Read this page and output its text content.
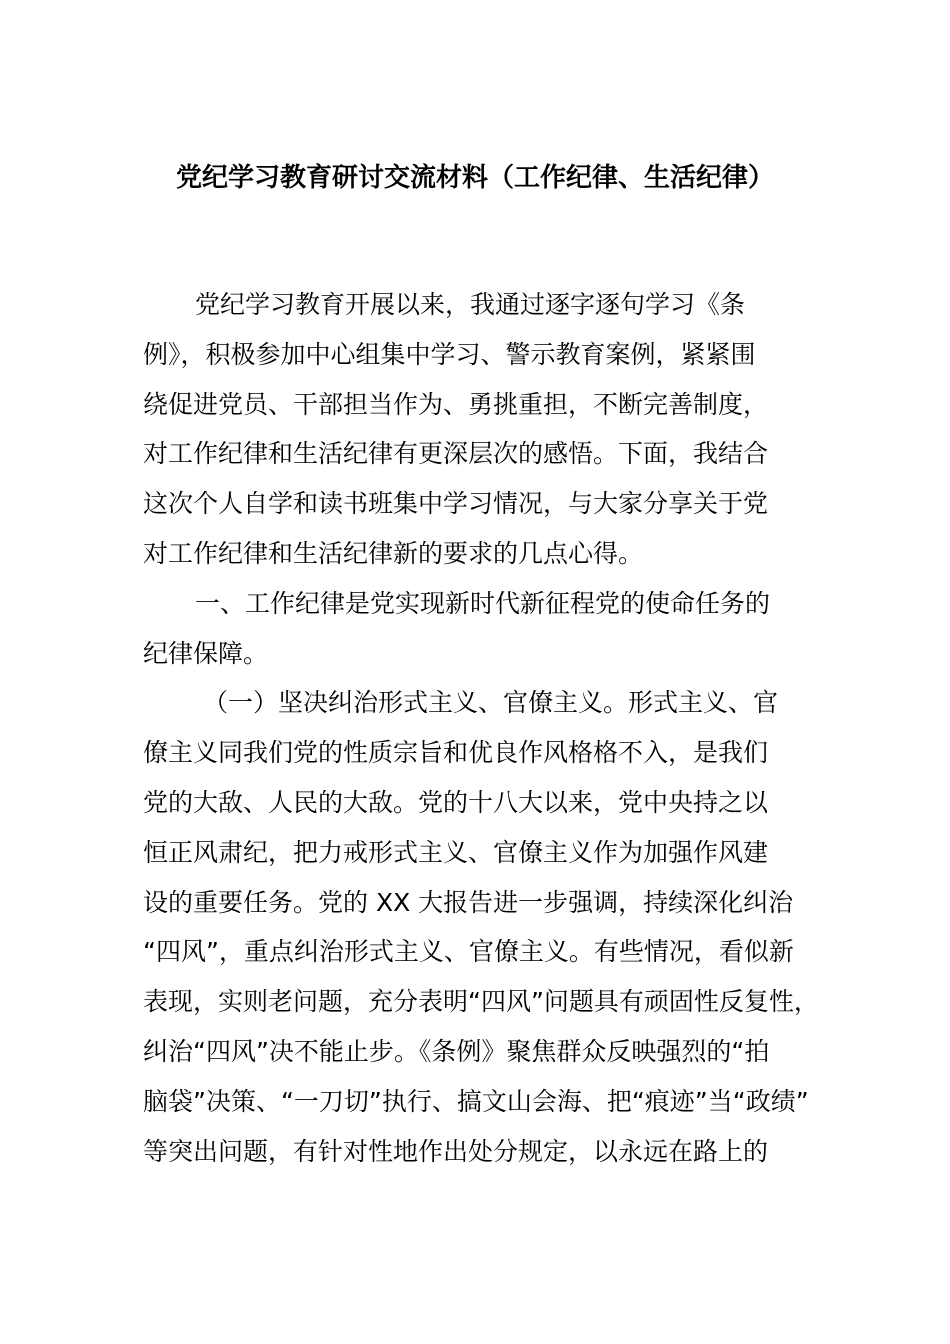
党纪学习教育研讨交流材料（工作纪律、生活纪律）
党纪学习教育开展以来，我通过逐字逐句学习《条
例》，积极参加中心组集中学习、警示教育案例，紧紧围
绕促进党员、干部担当作为、勇挑重担，不断完善制度，
对工作纪律和生活纪律有更深层次的感悟。下面，我结合
这次个人自学和读书班集中学习情况，与大家分享关于党
对工作纪律和生活纪律新的要求的几点心得。
一、工作纪律是党实现新时代新征程党的使命任务的
纪律保障。
（一）坚决纠治形式主义、官僚主义。形式主义、官
僚主义同我们党的性质宗旨和优良作风格格不入，是我们
党的大敌、人民的大敌。党的十八大以来，党中央持之以
恒正风肃纪，把力戒形式主义、官僚主义作为加强作风建
设的重要任务。党的 XX 大报告进一步强调，持续深化纠治
“四风”，重点纠治形式主义、官僚主义。有些情况，看似新
表现，实则老问题，充分表明“四风”问题具有顽固性反复性，
纠治“四风”决不能止步。《条例》聚焦群众反映强烈的“拍
脑袋”决策、“一刀切”执行、搞文山会海、把“痕迹”当“政绩”
等突出问题，有针对性地作出处分规定，以永远在路上的
